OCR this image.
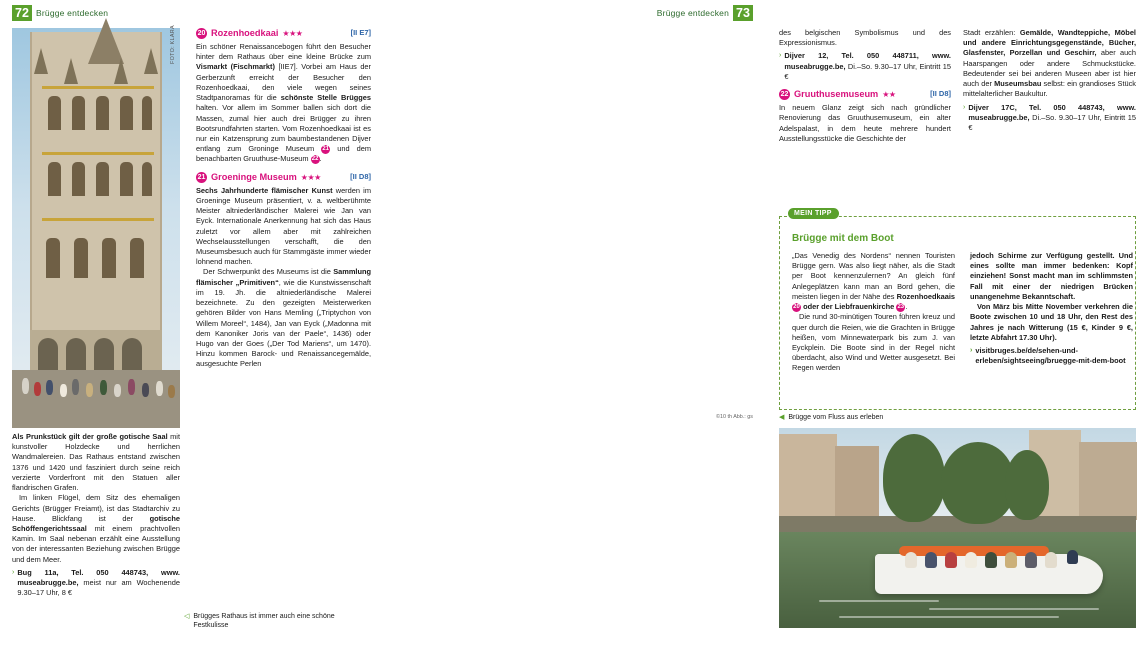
72 Brügge entdecken
FOTO: KLARA

Als Prunkstück gilt der große gotische Saal mit kunstvoller Holzdecke und herrlichen Wandmalereien. Das Rathaus entstand zwischen 1376 und 1420 und fasziniert durch seine reich verzierte Vorderfront mit den Statuen aller flandrischen Grafen.

Im linken Flügel, dem Sitz des ehemaligen Gerichts (Brügger Freiamt), ist das Stadtarchiv zu Hause. Blickfang ist der gotische Schöffengerichtssaal mit einem prachtvollen Kamin. Im Saal nebenan erzählt eine Ausstellung von der interessanten Beziehung zwischen Brügge und dem Meer.

› Bug 11a, Tel. 050 448743, www. museabrugge.be, meist nur am Wochenende 9.30–17 Uhr, 8 €
◁ Brügges Rathaus ist immer auch eine schöne Festkulisse
20 Rozenhoedkaai ★★★	[II E7]

Ein schöner Renaissancebogen führt den Besucher hinter dem Rathaus über eine kleine Brücke zum Vismarkt (Fischmarkt) [IIE7]. Vorbei am Haus der Gerberzunft erreicht der Besucher den Rozenhoedkaai, den viele wegen seines Stadtpanoramas für die schönste Stelle Brügges halten. Vor allem im Sommer ballen sich dort die Massen, zumal hier auch drei Brügger zu ihren Bootsrundfahrten starten. Vom Rozenhoedkaai ist es nur ein Katzensprung zum baumbestandenen Dijver entlang zum Groninge Museum 21 und dem benachbarten Gruuthuse-Museum 22.

21 Groeninge Museum ★★★	[II D8]

Sechs Jahrhunderte flämischer Kunst werden im Groeninge Museum präsentiert, v. a. weltberühmte Meister altniederländischer Malerei wie Jan van Eyck. Internationale Anerkennung hat sich das Haus zuletzt vor allem aber mit zahlreichen Wechselausstellungen verschafft, die den Museumsbesuch auch für Stammgäste immer wieder lohnend machen.

Der Schwerpunkt des Museums ist die Sammlung flämischer „Primitiven“, wie die Kunstwissenschaft im 19. Jh. die altniederländische Malerei bezeichnete. Zu den gezeigten Meisterwerken gehören Bilder von Hans Memling („Triptychon von Willem Moreel“, 1484), Jan van Eyck („Madonna mit dem Kanoniker Joris van der Paele“, 1436) oder Hugo van der Goes („Der Tod Mariens“, um 1470). Hinzu kommen Barock- und Renaissancegemälde, ausgesuchte Perlen

73
Brügge entdecken

des belgischen Symbolismus und des Expressionismus.

› Dijver 12, Tel. 050 448711, www. museabrugge.be, Di.–So. 9.30–17 Uhr, Eintritt 15 €
22 Gruuthusemuseum ★★	[II D8]

In neuem Glanz zeigt sich nach gründlicher Renovierung das Gruuthusemuseum, ein alter Adelspalast, in dem heute mehrere hundert Ausstellungsstücke die Geschichte der

Stadt erzählen: Gemälde, Wandteppiche, Möbel und andere Einrichtungsgegenstände, Bücher, Glasfenster, Porzellan und Geschirr, aber auch Haarspangen oder andere Schmuckstücke. Bedeutender sei bei anderen Museen aber ist hier auch der Museumsbau selbst: ein grandioses Stück mittelalterlicher Baukultur.

› Dijver 17C, Tel. 050 448743, www. museabrugge.be, Di.–So. 9.30–17 Uhr, Eintritt 15 €
MEIN TIPP
Brügge mit dem Boot

„Das Venedig des Nordens“ nennen Touristen Brügge gern. Was also liegt näher, als die Stadt per Boot kennenzulernen? An gleich fünf Anlegeplätzen kann man an Bord gehen, die meisten liegen in der Nähe des Rozenhoedkaais 20 oder der Liebfrauenkirche 23.

Die rund 30-minütigen Touren führen kreuz und quer durch die Reien, wie die Grachten in Brügge heißen, vom Minnewaterpark bis zum J. van Eyckplein. Die Boote sind in der Regel nicht überdacht, also Wind und Wetter ausgesetzt. Bei Regen werden

jedoch Schirme zur Verfügung gestellt. Und eines sollte man immer bedenken: Kopf einziehen! Sonst macht man im schlimmsten Fall mit einer der niedrigen Brücken unangenehme Bekanntschaft.

Von März bis Mitte November verkehren die Boote zwischen 10 und 18 Uhr, den Rest des Jahres je nach Witterung (15 €, Kinder 9 €, letzte Abfahrt 17.30 Uhr).

› visitbruges.be/de/sehen-und-erleben/sightseeing/bruegge-mit-dem-boot
◀ Brügge vom Fluss aus erleben
©10 th Abb.: gs
